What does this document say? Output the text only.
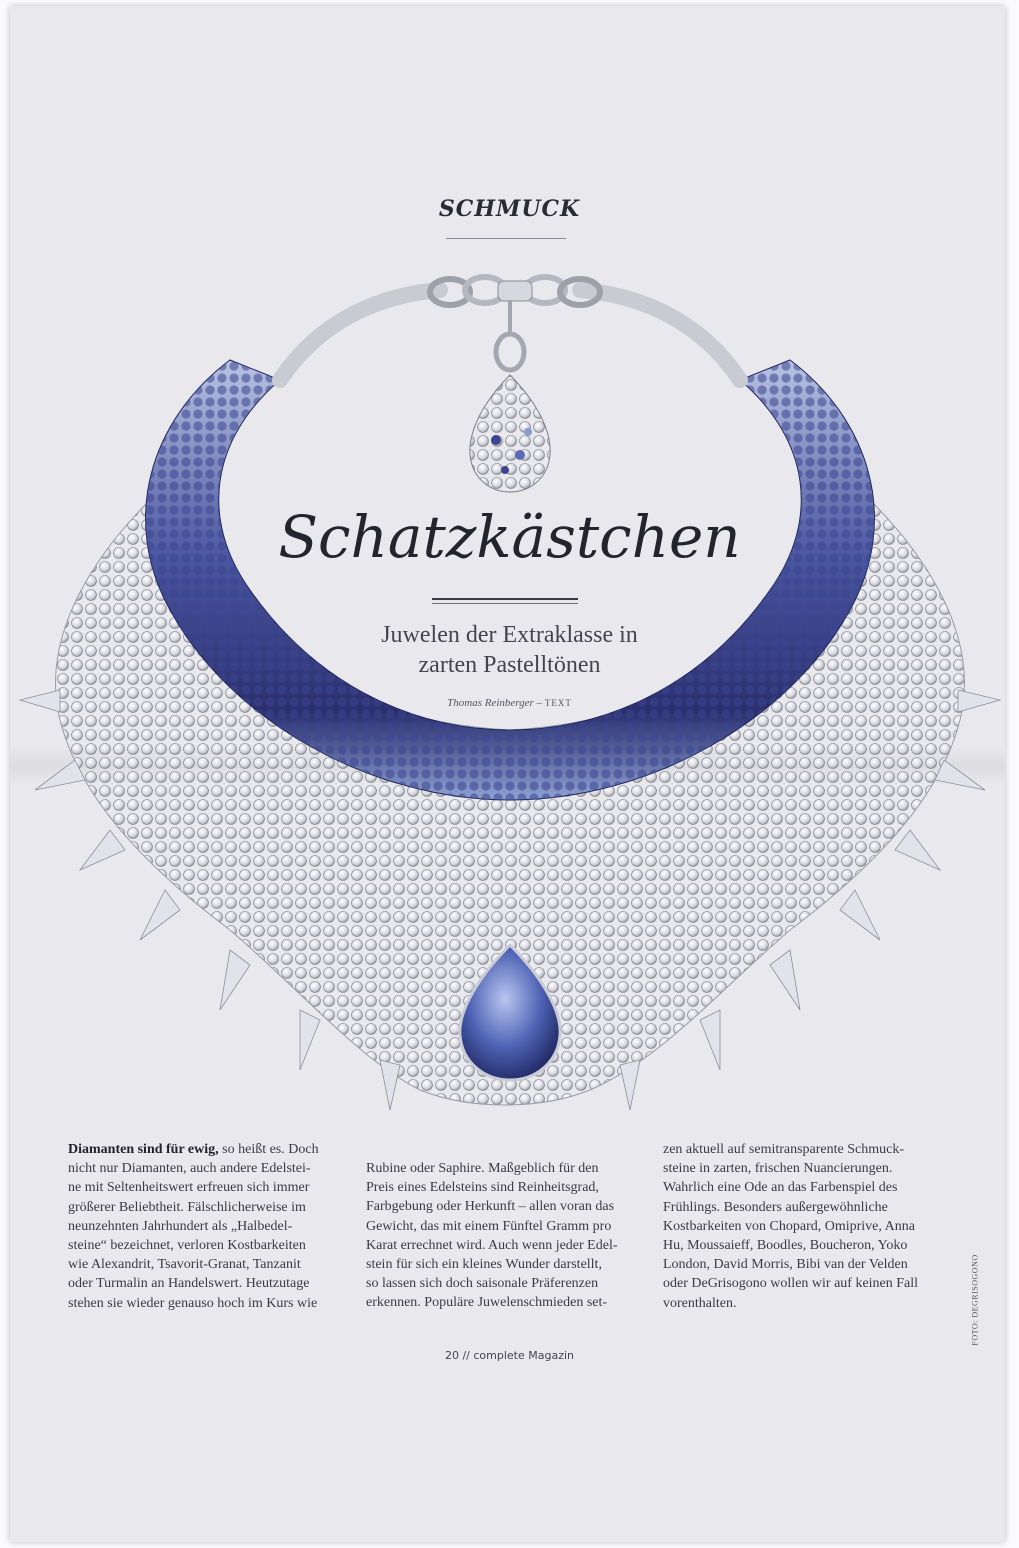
SCHMUCK
Schatzkästchen
Juwelen der Extraklasse in
zarten Pastelltönen
Thomas Reinberger – TEXT
Diamanten sind für ewig, so heißt es. Doch
nicht nur Diamanten, auch andere Edelstei-
ne mit Seltenheitswert erfreuen sich immer
größerer Beliebtheit. Fälschlicherweise im
neunzehnten Jahrhundert als „Halbedel-
steine“ bezeichnet, verloren Kostbarkeiten
wie Alexandrit, Tsavorit-Granat, Tanzanit
oder Turmalin an Handelswert. Heutzutage
stehen sie wieder genauso hoch im Kurs wie
Rubine oder Saphire. Maßgeblich für den
Preis eines Edelsteins sind Reinheitsgrad,
Farbgebung oder Herkunft – allen voran das
Gewicht, das mit einem Fünftel Gramm pro
Karat errechnet wird. Auch wenn jeder Edel-
stein für sich ein kleines Wunder darstellt,
so lassen sich doch saisonale Präferenzen
erkennen. Populäre Juwelenschmieden set-
zen aktuell auf semitransparente Schmuck-
steine in zarten, frischen Nuancierungen.
Wahrlich eine Ode an das Farbenspiel des
Frühlings. Besonders außergewöhnliche
Kostbarkeiten von Chopard, Omiprive, Anna
Hu, Moussaieff, Boodles, Boucheron, Yoko
London, David Morris, Bibi van der Velden
oder DeGrisogono wollen wir auf keinen Fall
vorenthalten.	FOTO: DEGRISOGONO
20 // complete Magazin
